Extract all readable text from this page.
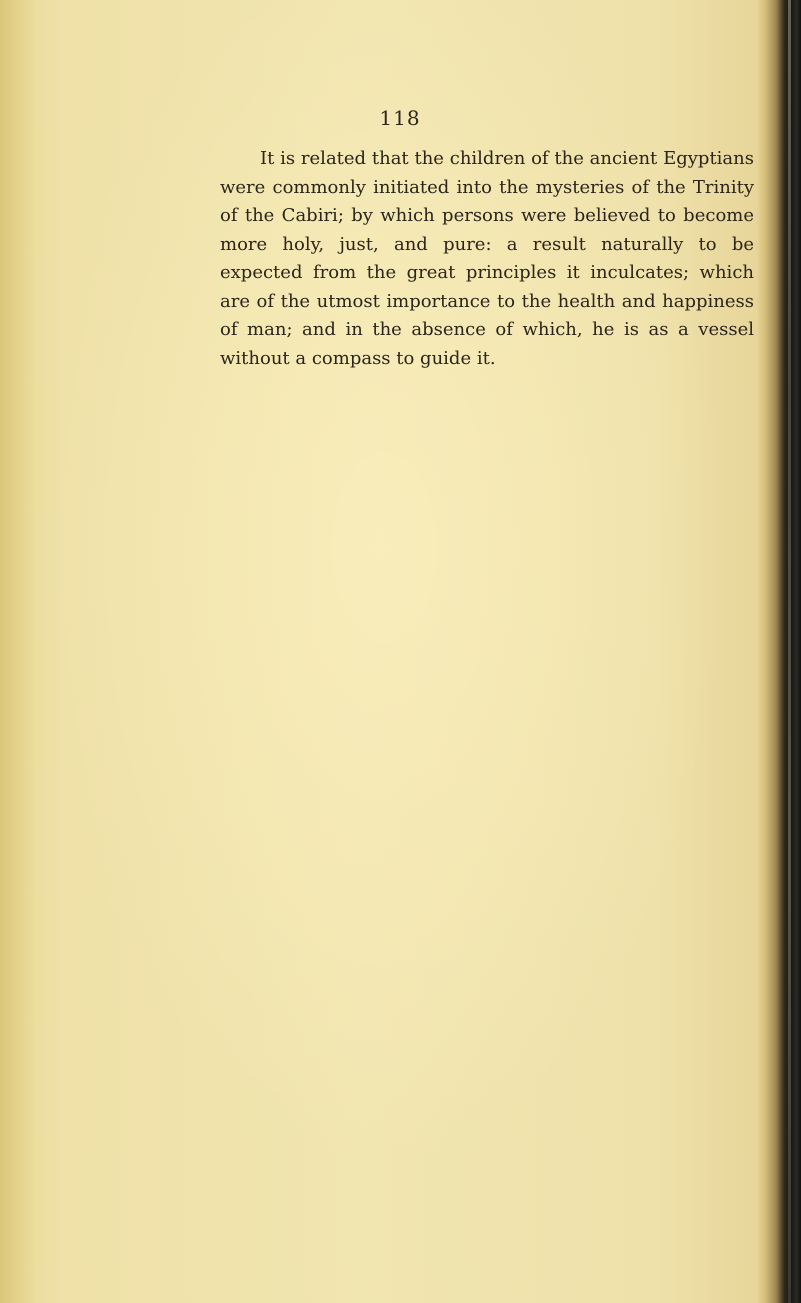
118

It is related that the children of the ancient Egyptians were commonly initiated into the mysteries of the Trinity of the Cabiri; by which persons were believed to become more holy, just, and pure: a result naturally to be expected from the great principles it inculcates; which are of the utmost importance to the health and happiness of man; and in the absence of which, he is as a vessel without a compass to guide it.
